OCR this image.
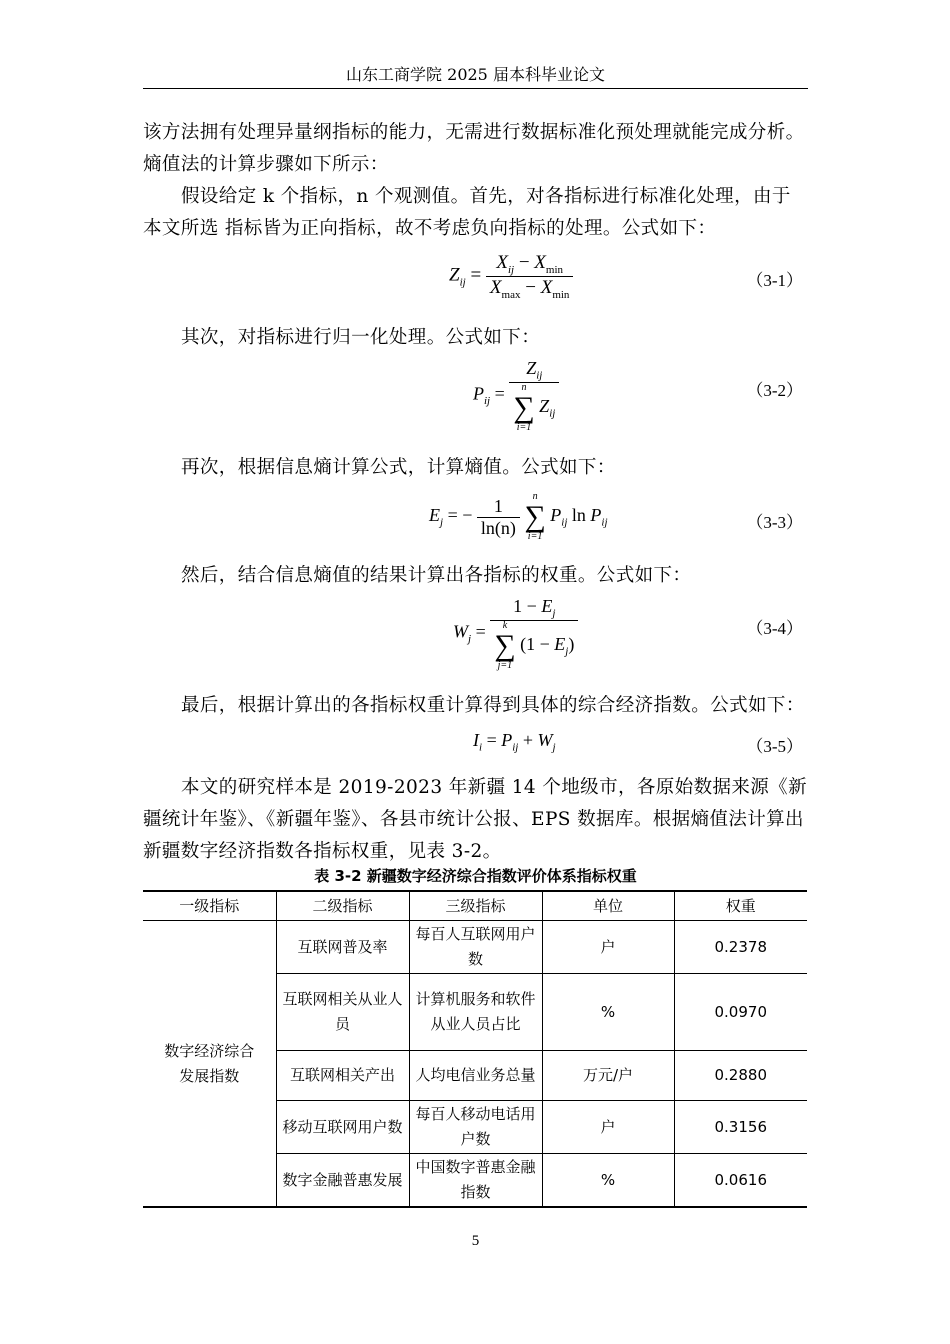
山东工商学院 2025 届本科毕业论文

该方法拥有处理异量纲指标的能力，无需进行数据标准化预处理就能完成分析。熵值法的计算步骤如下所示：

假设给定 k 个指标，n 个观测值。首先，对各指标进行标准化处理，由于本文所选 指标皆为正向指标，故不考虑负向指标的处理。公式如下：

$Z_{ij} = \frac{X_{ij} - X_{min}}{X_{max} - X_{min}}$	（3-1）

其次，对指标进行归一化处理。公式如下：

$P_{ij} = Z_{ij}$
n
∑
i=1
$Z_{ij}$	（3-2）

再次，根据信息熵计算公式，计算熵值。公式如下：

$E_j$ = − $\frac{1}{\ln(n)}$
	n
∑
i=1
$P_{ij}$ $\ln P_{ij}$	（3-3）

然后，结合信息熵值的结果计算出各指标的权重。公式如下：

$W_j = 1 - E_j$
k
∑
j=1
$(1 - E_j)$	（3-4）

最后，根据计算出的各指标权重计算得到具体的综合经济指数。公式如下：

$I_i = P_{ij} + W_j$	（3-5）

本文的研究样本是 2019-2023 年新疆 14 个地级市，各原始数据来源《新疆统计年鉴》、《新疆年鉴》、各县市统计公报、EPS 数据库。根据熵值法计算出新疆数字经济指数各指标权重，见表 3-2。

表 3-2 新疆数字经济综合指数评价体系指标权重
一级指标	二级指标	三级指标	单位	权重
数字经济综合发展指数	互联网普及率	每百人互联网用户数	户	0.2378
	互联网相关从业人员	计算机服务和软件从业人员占比	%	0.0970
	互联网相关产出	人均电信业务总量	万元/户	0.2880
	移动互联网用户数	每百人移动电话用户数	户	0.3156
	数字金融普惠发展	中国数字普惠金融指数	%	0.0616
5
